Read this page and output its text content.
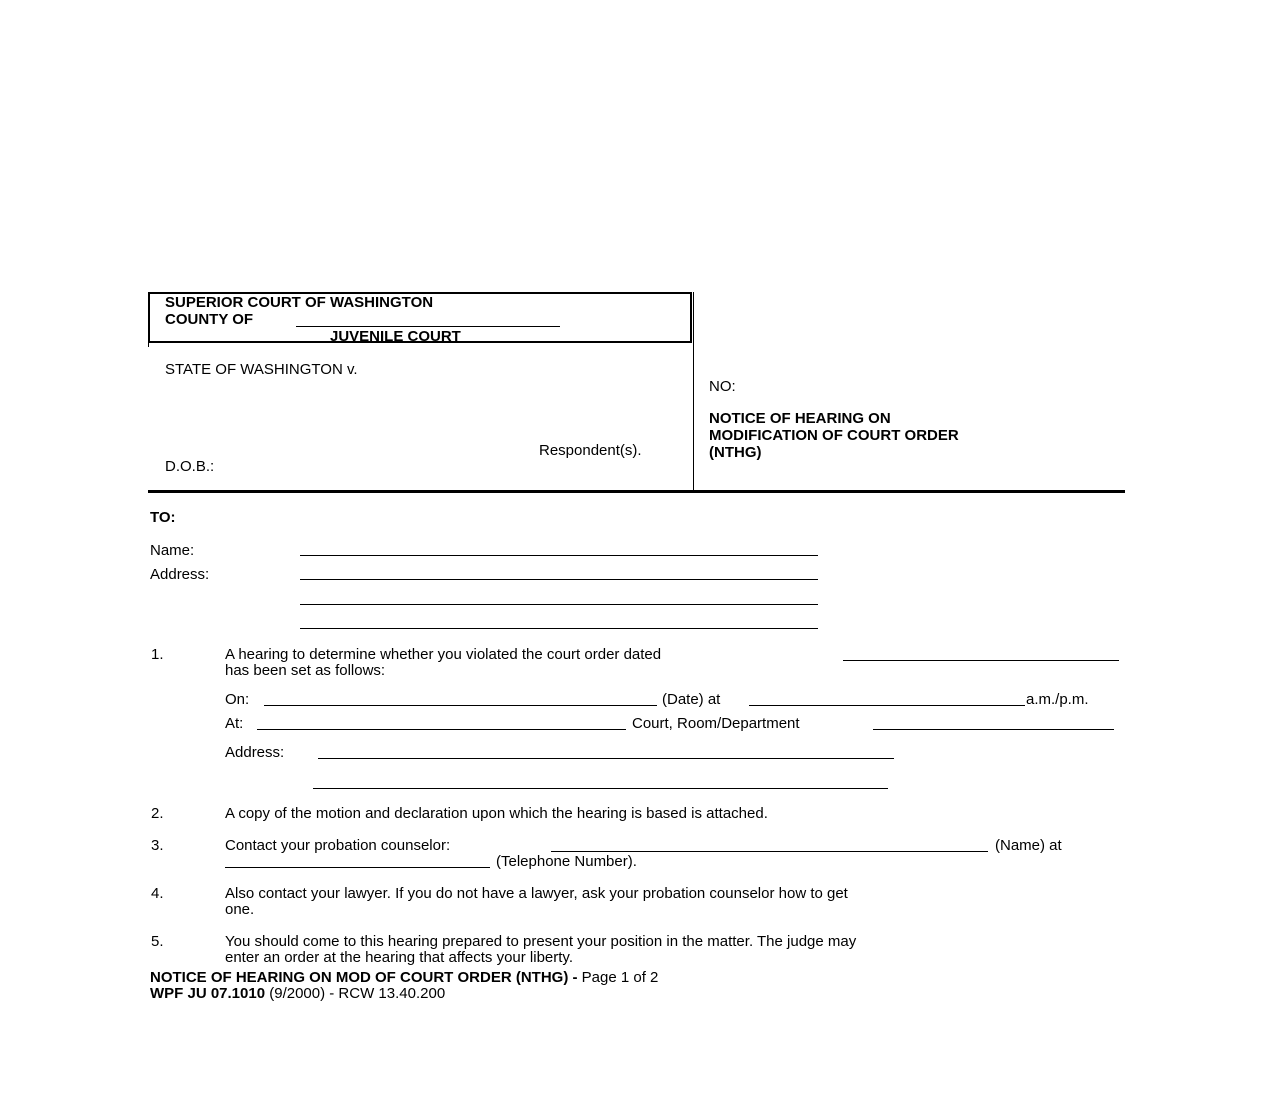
SUPERIOR COURT OF WASHINGTON
COUNTY OF
JUVENILE COURT
STATE OF WASHINGTON v.
Respondent(s).
D.O.B.:
NO:
NOTICE OF HEARING ON
MODIFICATION OF COURT ORDER
(NTHG)
TO:
Name:
Address:
1.	A hearing to determine whether you violated the court order dated
has been set as follows:
On:	(Date) at	a.m./p.m.
At:	Court, Room/Department
Address:
2.	A copy of the motion and declaration upon which the hearing is based is attached.
3.	Contact your probation counselor:	(Name) at
(Telephone Number).
4.	Also contact your lawyer. If you do not have a lawyer, ask your probation counselor how to get
one.
5.	You should come to this hearing prepared to present your position in the matter. The judge may
enter an order at the hearing that affects your liberty.
NOTICE OF HEARING ON MOD OF COURT ORDER (NTHG) - Page 1 of 2
WPF JU 07.1010 (9/2000) - RCW 13.40.200
